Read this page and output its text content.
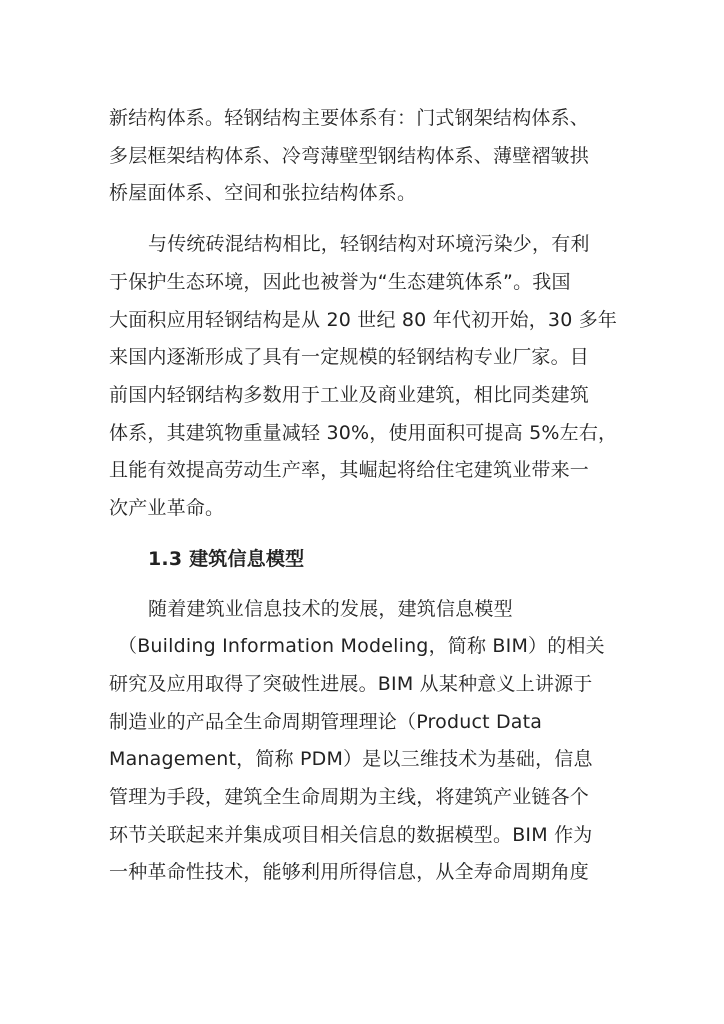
新结构体系。轻钢结构主要体系有：门式钢架结构体系、
多层框架结构体系、冷弯薄壁型钢结构体系、薄壁褶皱拱
桥屋面体系、空间和张拉结构体系。
与传统砖混结构相比，轻钢结构对环境污染少，有利
于保护生态环境，因此也被誉为“生态建筑体系”。我国
大面积应用轻钢结构是从 20 世纪 80 年代初开始，30 多年
来国内逐渐形成了具有一定规模的轻钢结构专业厂家。目
前国内轻钢结构多数用于工业及商业建筑，相比同类建筑
体系，其建筑物重量减轻 30%，使用面积可提高 5%左右，
且能有效提高劳动生产率，其崛起将给住宅建筑业带来一
次产业革命。
1.3 建筑信息模型
随着建筑业信息技术的发展，建筑信息模型
（Building Information Modeling，简称 BIM）的相关
研究及应用取得了突破性进展。BIM 从某种意义上讲源于
制造业的产品全生命周期管理理论（Product Data
Management，简称 PDM）是以三维技术为基础，信息
管理为手段，建筑全生命周期为主线，将建筑产业链各个
环节关联起来并集成项目相关信息的数据模型。BIM 作为
一种革命性技术，能够利用所得信息，从全寿命周期角度
